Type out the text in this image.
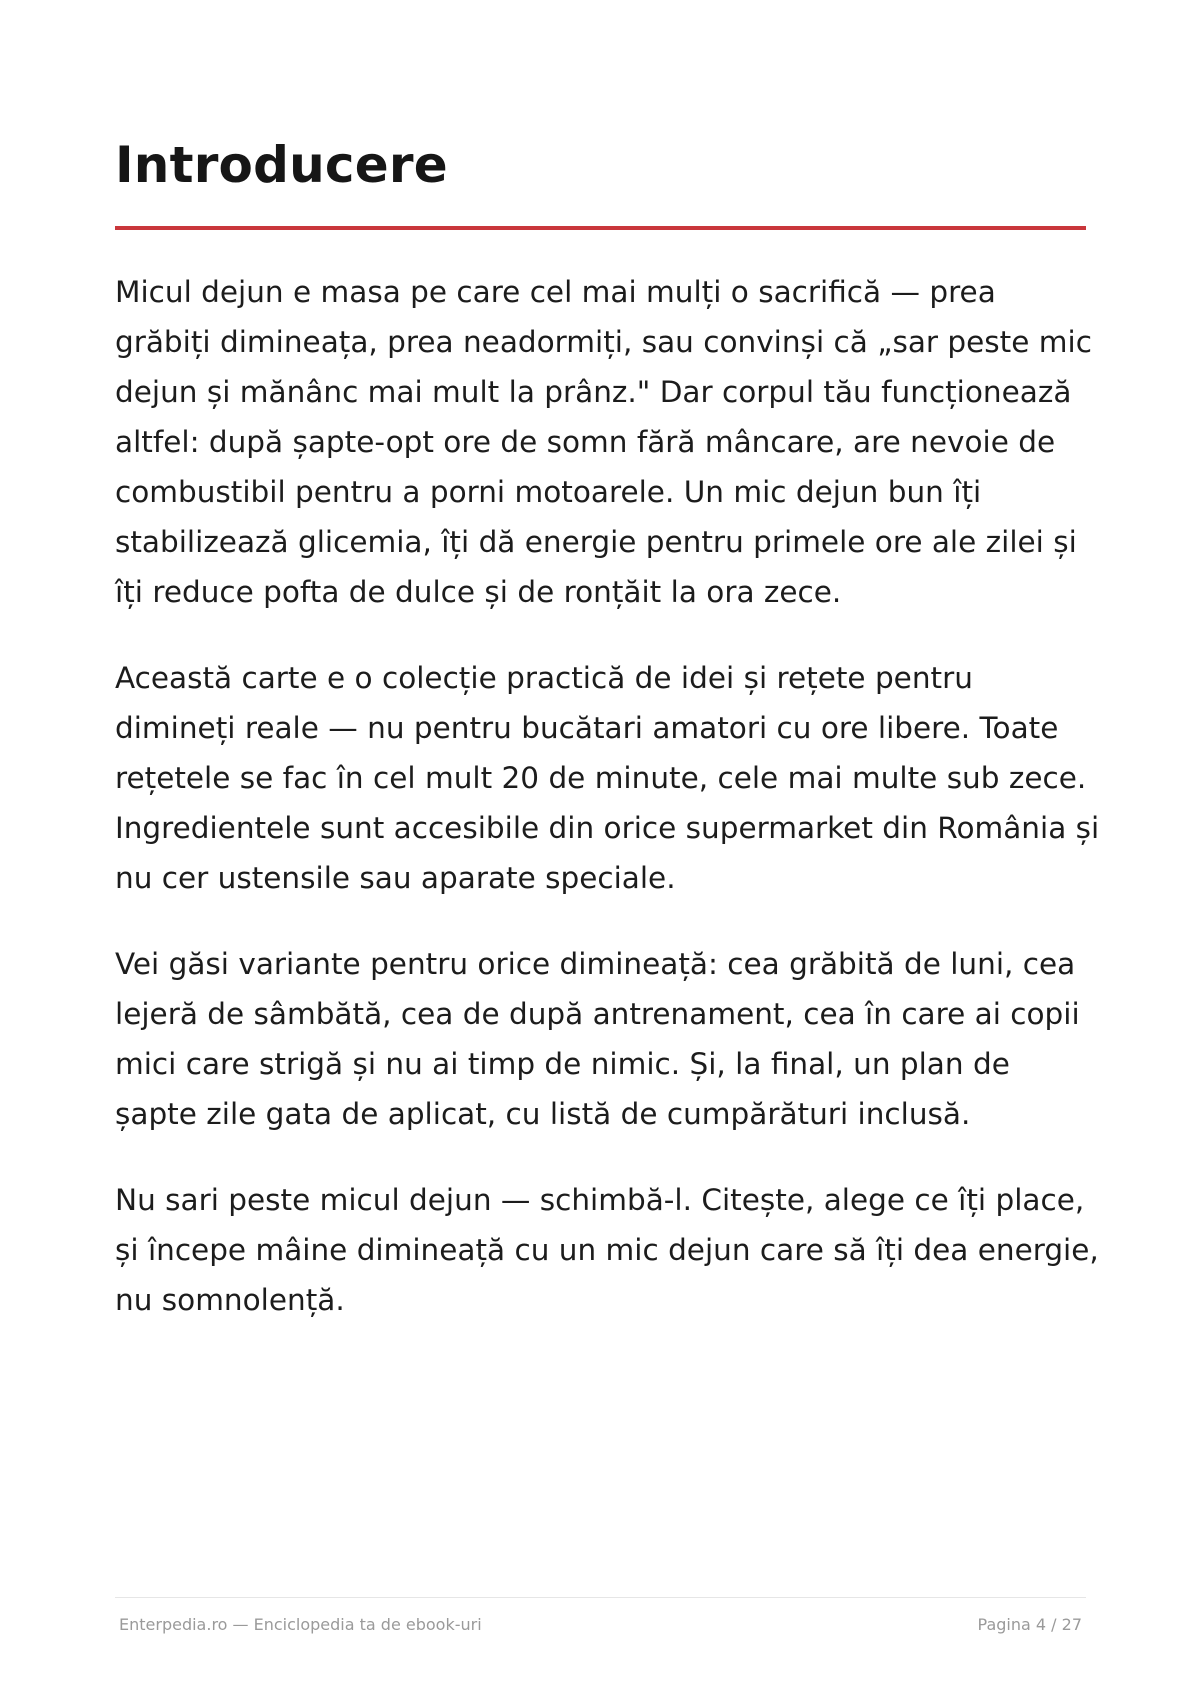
Introducere

Micul dejun e masa pe care cel mai mulți o sacrifică — prea grăbiți dimineața, prea neadormiți, sau convinși că „sar peste mic dejun și mănânc mai mult la prânz." Dar corpul tău funcționează altfel: după șapte-opt ore de somn fără mâncare, are nevoie de combustibil pentru a porni motoarele. Un mic dejun bun îți stabilizează glicemia, îți dă energie pentru primele ore ale zilei și îți reduce pofta de dulce și de ronțăit la ora zece.

Această carte e o colecție practică de idei și rețete pentru dimineți reale — nu pentru bucătari amatori cu ore libere. Toate rețetele se fac în cel mult 20 de minute, cele mai multe sub zece. Ingredientele sunt accesibile din orice supermarket din România și nu cer ustensile sau aparate speciale.

Vei găsi variante pentru orice dimineață: cea grăbită de luni, cea lejeră de sâmbătă, cea de după antrenament, cea în care ai copii mici care strigă și nu ai timp de nimic. Și, la final, un plan de șapte zile gata de aplicat, cu listă de cumpărături inclusă.

Nu sari peste micul dejun — schimbă-l. Citește, alege ce îți place, și începe mâine dimineață cu un mic dejun care să îți dea energie, nu somnolență.

Enterpedia.ro — Enciclopedia ta de ebook-uri	Pagina 4 / 27
